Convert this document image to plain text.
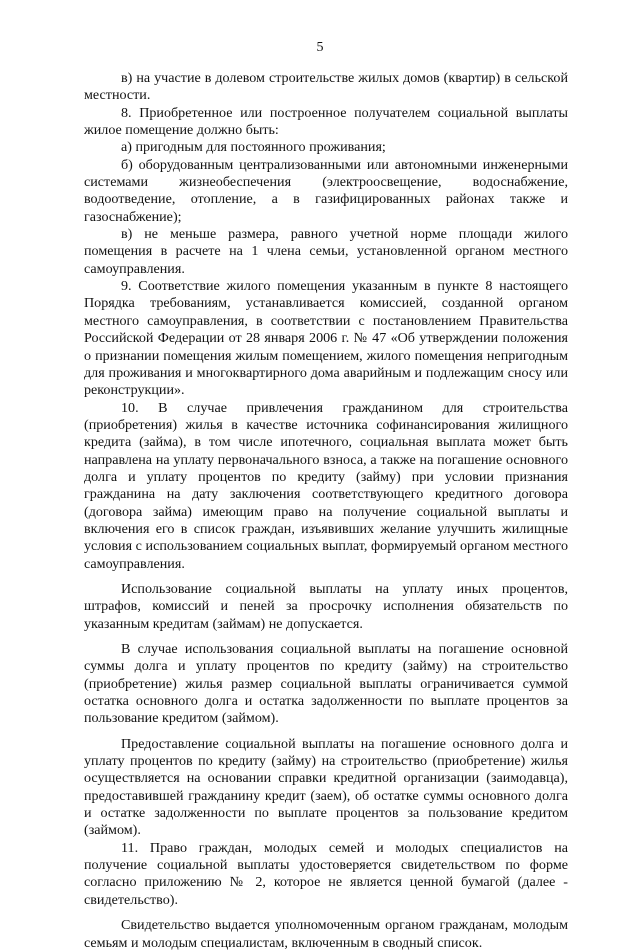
5

в) на участие в долевом строительстве жилых домов (квартир) в сельской местности.

8. Приобретенное или построенное получателем социальной выплаты жилое помещение должно быть:

а) пригодным для постоянного проживания;

б) оборудованным централизованными или автономными инженерными системами жизнеобеспечения (электроосвещение, водоснабжение, водоотведение, отопление, а в газифицированных районах также и газоснабжение);

в) не меньше размера, равного учетной норме площади жилого помещения в расчете на 1 члена семьи, установленной органом местного самоуправления.

9. Соответствие жилого помещения указанным в пункте 8 настоящего Порядка требованиям, устанавливается комиссией, созданной органом местного самоуправления, в соответствии с постановлением Правительства Российской Федерации от 28 января 2006 г. № 47 «Об утверждении положения о признании помещения жилым помещением, жилого помещения непригодным для проживания и многоквартирного дома аварийным и подлежащим сносу или реконструкции».

10. В случае привлечения гражданином для строительства (приобретения) жилья в качестве источника софинансирования жилищного кредита (займа), в том числе ипотечного, социальная выплата может быть направлена на уплату первоначального взноса, а также на погашение основного долга и уплату процентов по кредиту (займу) при условии признания гражданина на дату заключения соответствующего кредитного договора (договора займа) имеющим право на получение социальной выплаты и включения его в список граждан, изъявивших желание улучшить жилищные условия с использованием социальных выплат, формируемый органом местного самоуправления.

Использование социальной выплаты на уплату иных процентов, штрафов, комиссий и пеней за просрочку исполнения обязательств по указанным кредитам (займам) не допускается.

В случае использования социальной выплаты на погашение основной суммы долга и уплату процентов по кредиту (займу) на строительство (приобретение) жилья размер социальной выплаты ограничивается суммой остатка основного долга и остатка задолженности по выплате процентов за пользование кредитом (займом).

Предоставление социальной выплаты на погашение основного долга и уплату процентов по кредиту (займу) на строительство (приобретение) жилья осуществляется на основании справки кредитной организации (заимодавца), предоставившей гражданину кредит (заем), об остатке суммы основного долга и остатке задолженности по выплате процентов за пользование кредитом (займом).

11. Право граждан, молодых семей и молодых специалистов на получение социальной выплаты удостоверяется свидетельством по форме согласно приложению № 2, которое не является ценной бумагой (далее - свидетельство).

Свидетельство выдается уполномоченным органом гражданам, молодым семьям и молодым специалистам, включенным в сводный список.
